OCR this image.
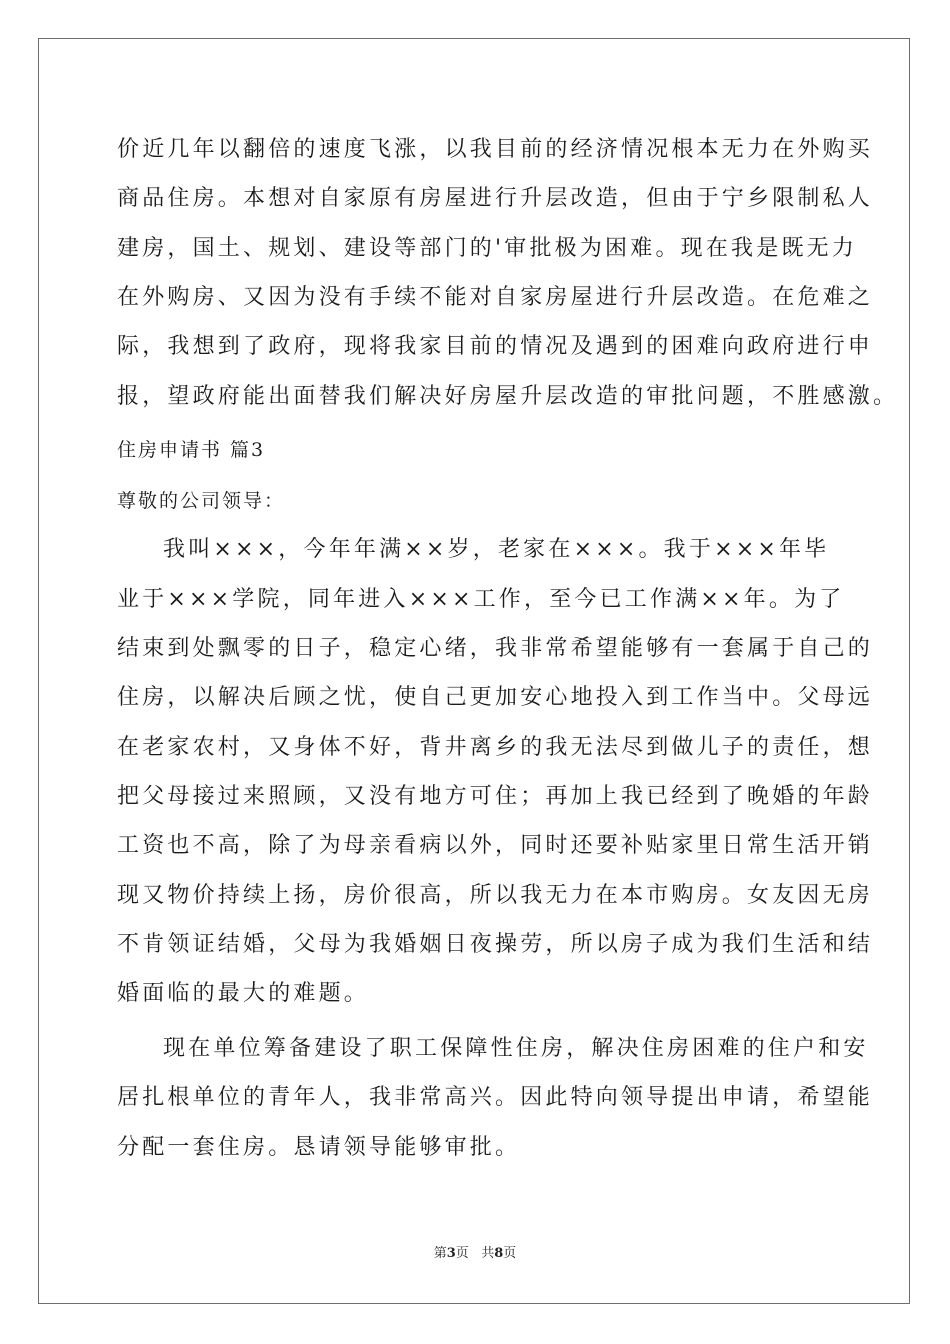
价近几年以翻倍的速度飞涨，以我目前的经济情况根本无力在外购买
商品住房。本想对自家原有房屋进行升层改造，但由于宁乡限制私人
建房，国土、规划、建设等部门的'审批极为困难。现在我是既无力
在外购房、又因为没有手续不能对自家房屋进行升层改造。在危难之
际，我想到了政府，现将我家目前的情况及遇到的困难向政府进行申
报，望政府能出面替我们解决好房屋升层改造的审批问题，不胜感激。
住房申请书 篇3
尊敬的公司领导：
我叫×××，今年年满××岁，老家在×××。我于×××年毕
业于×××学院，同年进入×××工作，至今已工作满××年。为了
结束到处飘零的日子，稳定心绪，我非常希望能够有一套属于自己的
住房，以解决后顾之忧，使自己更加安心地投入到工作当中。父母远
在老家农村，又身体不好，背井离乡的我无法尽到做儿子的责任，想
把父母接过来照顾，又没有地方可住；再加上我已经到了晚婚的年龄
工资也不高，除了为母亲看病以外，同时还要补贴家里日常生活开销
现又物价持续上扬，房价很高，所以我无力在本市购房。女友因无房
不肯领证结婚，父母为我婚姻日夜操劳，所以房子成为我们生活和结
婚面临的最大的难题。
现在单位筹备建设了职工保障性住房，解决住房困难的住户和安
居扎根单位的青年人，我非常高兴。因此特向领导提出申请，希望能
分配一套住房。恳请领导能够审批。
第3页 共8页
